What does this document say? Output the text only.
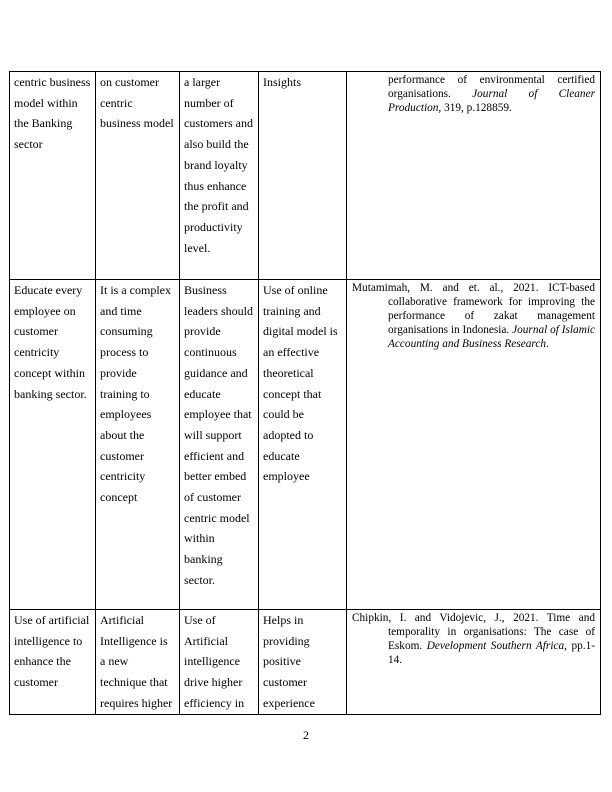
centric business model within the Banking sector	on customer centric business model	a larger number of customers and also build the brand loyalty thus enhance the profit and productivity level.	Insights	performance of environmental certified organisations. Journal of Cleaner Production, 319, p.128859.

Educate every employee on customer centricity concept within banking sector.	It is a complex and time consuming process to provide training to employees about the customer centricity concept	Business leaders should provide continuous guidance and educate employee that will support efficient and better embed of customer centric model within banking sector.	Use of online training and digital model is an effective theoretical concept that could be adopted to educate employee	Mutamimah, M. and et. al., 2021. ICT-based collaborative framework for improving the performance of zakat management organisations in Indonesia. Journal of Islamic Accounting and Business Research.

Use of artificial intelligence to enhance the customer	Artificial Intelligence is a new technique that requires higher	Use of Artificial intelligence drive higher efficiency in	Helps in providing positive customer experience	Chipkin, I. and Vidojevic, J., 2021. Time and temporality in organisations: The case of Eskom. Development Southern Africa, pp.1-14.

2
